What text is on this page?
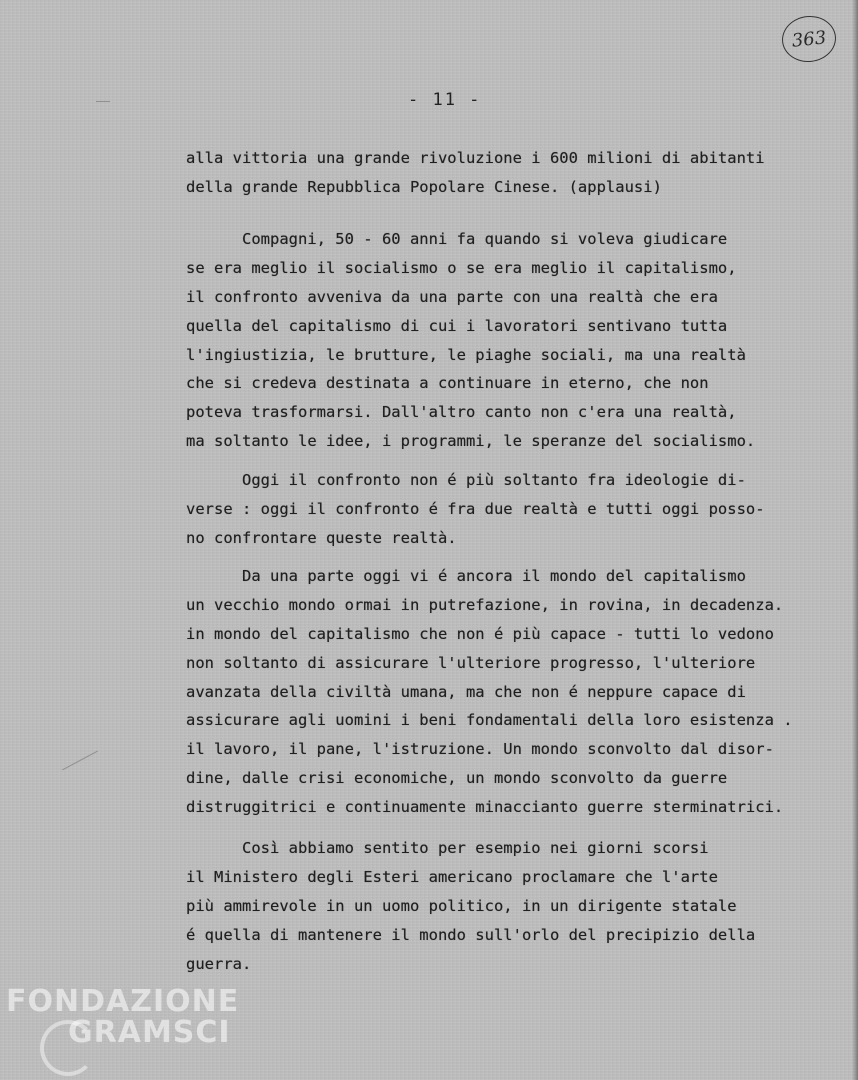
363
- 11 -
alla vittoria una grande rivoluzione i 600 milioni di abitanti
della grande Repubblica Popolare Cinese. (applausi)
Compagni, 50 - 60 anni fa quando si voleva giudicare
se era meglio il socialismo o se era meglio il capitalismo,
il confronto avveniva da una parte con una realtà che era
quella del capitalismo di cui i lavoratori sentivano tutta
l'ingiustizia, le brutture, le piaghe sociali, ma una realtà
che si credeva destinata a continuare in eterno, che non
poteva trasformarsi. Dall'altro canto non c'era una realtà,
ma soltanto le idee, i programmi, le speranze del socialismo.
Oggi il confronto non é più soltanto fra ideologie di-
verse : oggi il confronto é fra due realtà e tutti oggi posso-
no confrontare queste realtà.
Da una parte oggi vi é ancora il mondo del capitalismo
un vecchio mondo ormai in putrefazione, in rovina, in decadenza.
in mondo del capitalismo che non é più capace - tutti lo vedono
non soltanto di assicurare l'ulteriore progresso, l'ulteriore
avanzata della civiltà umana, ma che non é neppure capace di
assicurare agli uomini i beni fondamentali della loro esistenza .
il lavoro, il pane, l'istruzione. Un mondo sconvolto dal disor-
dine, dalle crisi economiche, un mondo sconvolto da guerre
distruggitrici e continuamente minaccianto guerre sterminatrici.
Così abbiamo sentito per esempio nei giorni scorsi
il Ministero degli Esteri americano proclamare che l'arte
più ammirevole in un uomo politico, in un dirigente statale
é quella di mantenere il mondo sull'orlo del precipizio della
guerra.
FONDAZIONE
GRAMSCI
